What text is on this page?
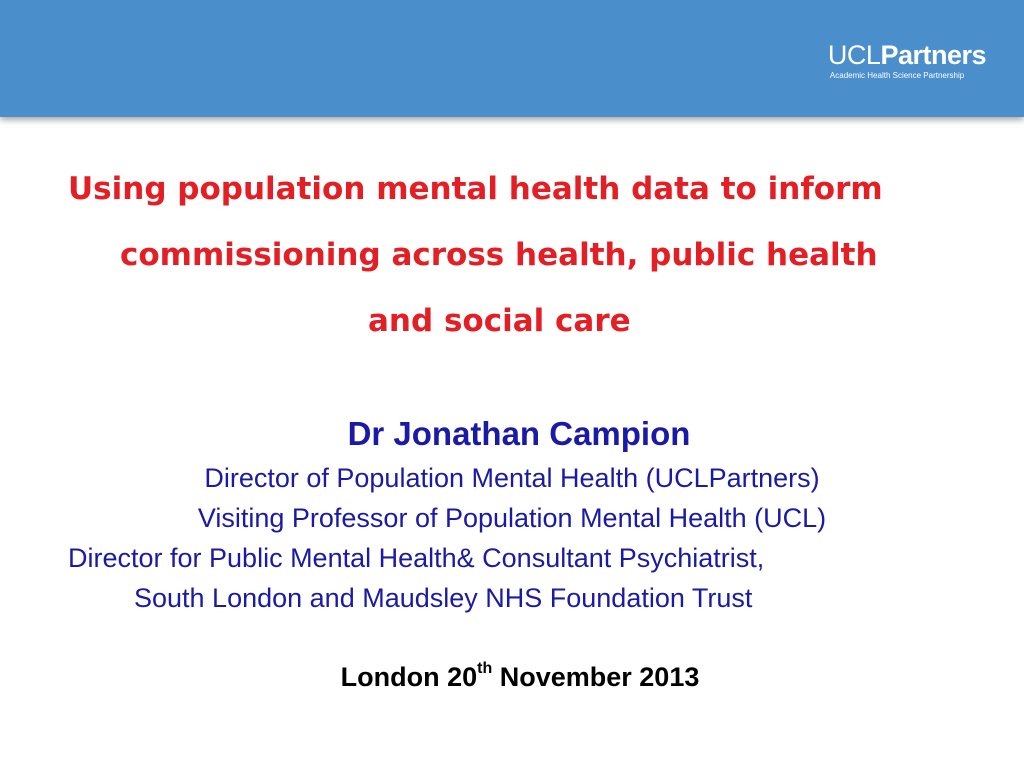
UCLPartners
Academic Health Science Partnership
Using population mental health data to inform
commissioning across health, public health
and social care
Dr Jonathan Campion
Director of Population Mental Health (UCLPartners)
Visiting Professor of Population Mental Health (UCL)
Director for Public Mental Health& Consultant Psychiatrist,
South London and Maudsley NHS Foundation Trust
London 20th November 2013
